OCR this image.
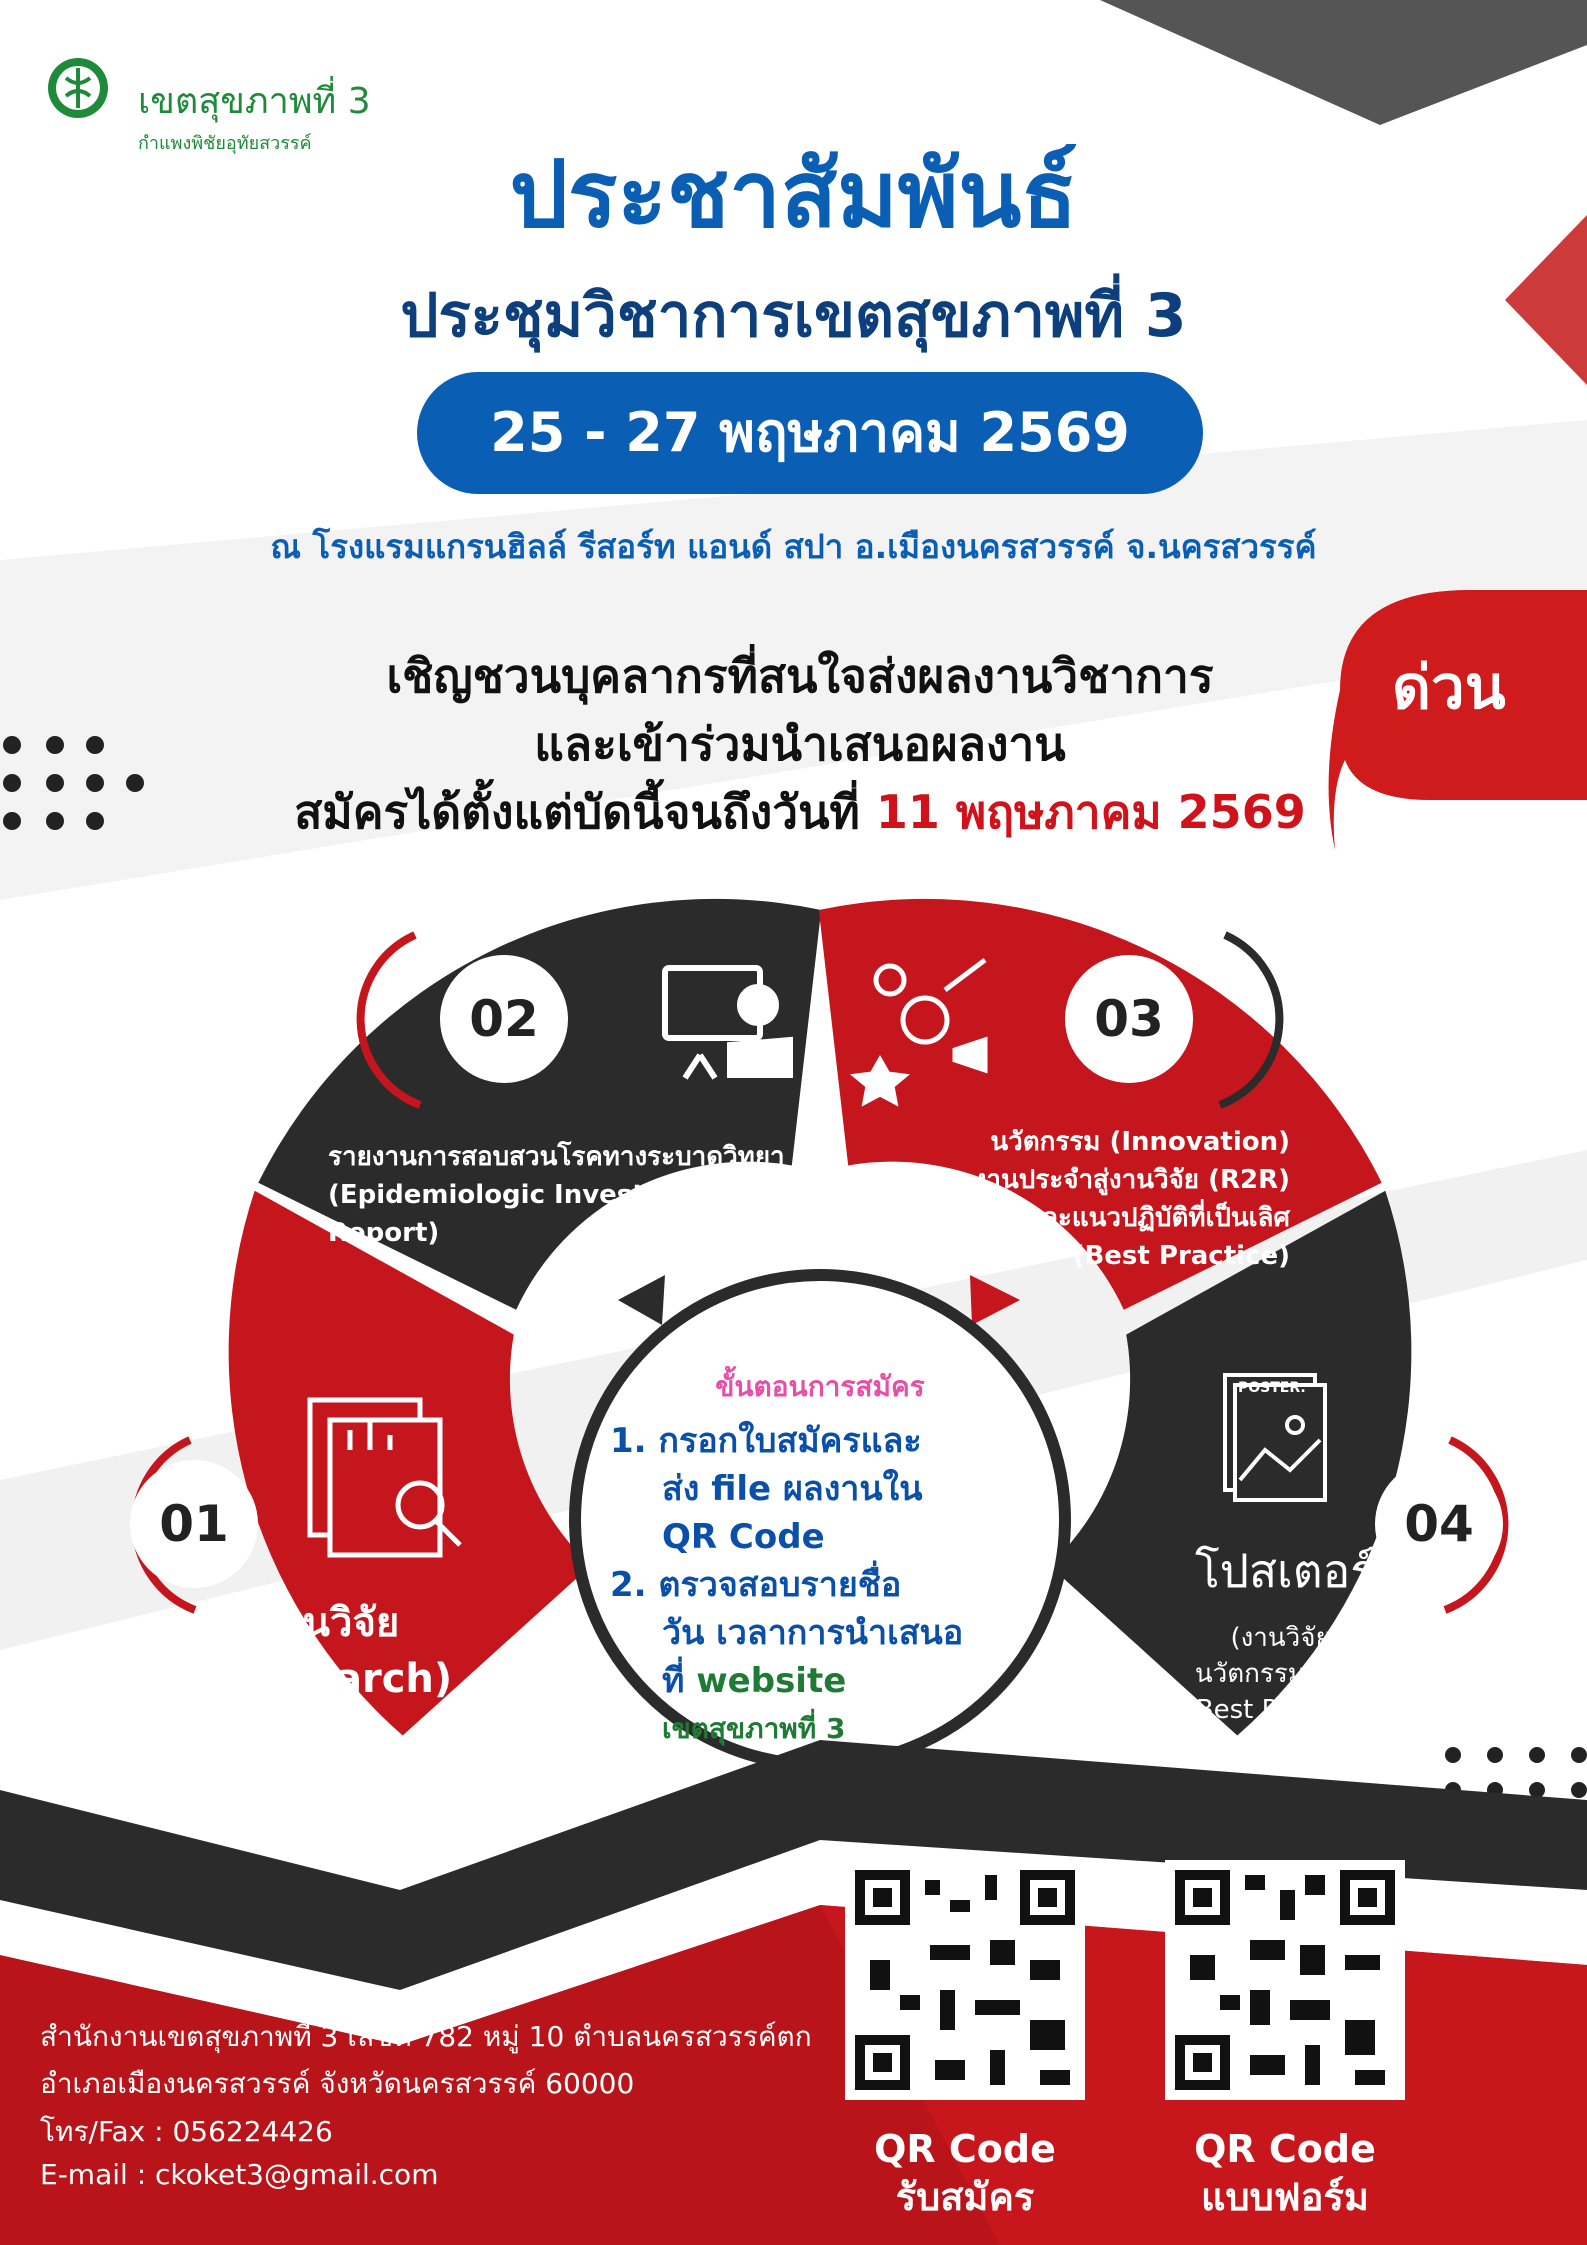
เขตสุขภาพที่ 3
กำแพงพิชัยอุทัยสวรรค์	ประชาสัมพันธ์
ประชุมวิชาการเขตสุขภาพที่ 3
25 - 27 พฤษภาคม 2569
ณ โรงแรมแกรนฮิลล์ รีสอร์ท แอนด์ สปา อ.เมืองนครสวรรค์ จ.นครสวรรค์
เชิญชวนบุคลากรที่สนใจส่งผลงานวิชาการ
และเข้าร่วมนำเสนอผลงาน
สมัครได้ตั้งแต่บัดนี้จนถึงวันที่ 11 พฤษภาคม 2569
ด่วน
02	03
01	04
รายงานการสอบสวนโรคทางระบาดวิทยา
(Epidemiologic Investigation
Report)
นวัตกรรม (Innovation)
งานประจำสู่งานวิจัย (R2R)
และแนวปฏิบัติที่เป็นเลิศ
(Best Practice)
งานวิจัย
(Research)
โปสเตอร์
(งานวิจัย/
นวัตกรรม/R2R/
Best Practice/
รายงานสอบสวนโรคฯ)
POSTER.
ขั้นตอนการสมัคร
1. กรอกใบสมัครและ
ส่ง file ผลงานใน
QR Code
2. ตรวจสอบรายชื่อ
วัน เวลาการนำเสนอ
ที่ website
เขตสุขภาพที่ 3
สำนักงานเขตสุขภาพที่ 3 เลขที่ 782 หมู่ 10 ตำบลนครสวรรค์ตก
อำเภอเมืองนครสวรรค์ จังหวัดนครสวรรค์ 60000
โทร/Fax : 056224426
E-mail : ckoket3@gmail.com
QR Code
รับสมัคร
QR Code
แบบฟอร์ม
